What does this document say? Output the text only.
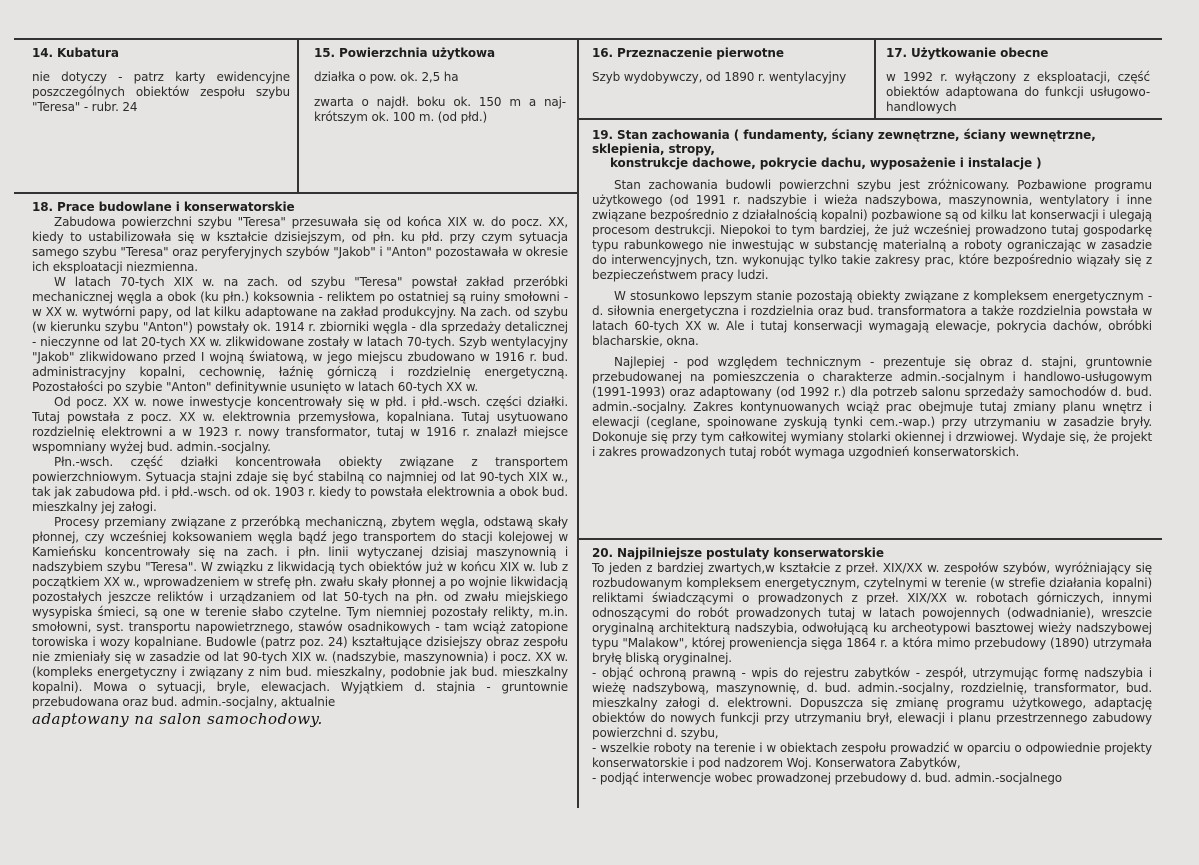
14. Kubatura
nie dotyczy - patrz karty ewidencyjne poszczególnych obiektów zespołu szybu "Teresa" - rubr. 24
15. Powierzchnia użytkowa
działka o pow. ok. 2,5 ha
zwarta o najdł. boku ok. 150 m a naj-krótszym ok. 100 m. (od płd.)
16. Przeznaczenie pierwotne
Szyb wydobywczy, od 1890 r. wentylacyjny
17. Użytkowanie obecne
w 1992 r. wyłączony z eksploatacji, część obiektów adaptowana do funkcji usługowo-handlowych
18. Prace budowlane i konserwatorskie

Zabudowa powierzchni szybu "Teresa" przesuwała się od końca XIX w. do pocz. XX, kiedy to ustabilizowała się w kształcie dzisiejszym, od płn. ku płd. przy czym sytuacja samego szybu "Teresa" oraz peryferyjnych szybów "Jakob" i "Anton" pozostawała w okresie ich eksploatacji niezmienna.

W latach 70-tych XIX w. na zach. od szybu "Teresa" powstał zakład przeróbki mechanicznej węgla a obok (ku płn.) koksownia - reliktem po ostatniej są ruiny smołowni - w XX w. wytwórni papy, od lat kilku adaptowane na zakład produkcyjny. Na zach. od szybu (w kierunku szybu "Anton") powstały ok. 1914 r. zbiorniki węgla - dla sprzedaży detalicznej - nieczynne od lat 20-tych XX w. zlikwidowane zostały w latach 70-tych. Szyb wentylacyjny "Jakob" zlikwidowano przed I wojną światową, w jego miejscu zbudowano w 1916 r. bud. administracyjny kopalni, cechownię, łaźnię górniczą i rozdzielnię energetyczną. Pozostałości po szybie "Anton" definitywnie usunięto w latach 60-tych XX w.

Od pocz. XX w. nowe inwestycje koncentrowały się w płd. i płd.-wsch. części działki. Tutaj powstała z pocz. XX w. elektrownia przemysłowa, kopalniana. Tutaj usytuowano rozdzielnię elektrowni a w 1923 r. nowy transformator, tutaj w 1916 r. znalazł miejsce wspomniany wyżej bud. admin.-socjalny.

Płn.-wsch. część działki koncentrowała obiekty związane z transportem powierzchniowym. Sytuacja stajni zdaje się być stabilną co najmniej od lat 90-tych XIX w., tak jak zabudowa płd. i płd.-wsch. od ok. 1903 r. kiedy to powstała elektrownia a obok bud. mieszkalny jej załogi.

Procesy przemiany związane z przeróbką mechaniczną, zbytem węgla, odstawą skały płonnej, czy wcześniej koksowaniem węgla bądź jego transportem do stacji kolejowej w Kamieńsku koncentrowały się na zach. i płn. linii wytyczanej dzisiaj maszynownią i nadszybiem szybu "Teresa". W związku z likwidacją tych obiektów już w końcu XIX w. lub z początkiem XX w., wprowadzeniem w strefę płn. zwału skały płonnej a po wojnie likwidacją pozostałych jeszcze reliktów i urządzaniem od lat 50-tych na płn. od zwału miejskiego wysypiska śmieci, są one w terenie słabo czytelne. Tym niemniej pozostały relikty, m.in. smołowni, syst. transportu napowietrznego, stawów osadnikowych - tam wciąż zatopione torowiska i wozy kopalniane. Budowle (patrz poz. 24) kształtujące dzisiejszy obraz zespołu nie zmieniały się w zasadzie od lat 90-tych XIX w. (nadszybie, maszynownia) i pocz. XX w. (kompleks energetyczny i związany z nim bud. mieszkalny, podobnie jak bud. mieszkalny kopalni). Mowa o sytuacji, bryle, elewacjach. Wyjątkiem d. stajnia - gruntownie przebudowana oraz bud. admin.-socjalny, aktualnie

adaptowany na salon samochodowy.
19. Stan zachowania ( fundamenty, ściany zewnętrzne, ściany wewnętrzne, sklepienia, stropy,
konstrukcje dachowe, pokrycie dachu, wyposażenie i instalacje )

Stan zachowania budowli powierzchni szybu jest zróżnicowany. Pozbawione programu użytkowego (od 1991 r. nadszybie i wieża nadszybowa, maszynownia, wentylatory i inne związane bezpośrednio z działalnością kopalni) pozbawione są od kilku lat konserwacji i ulegają procesom destrukcji. Niepokoi to tym bardziej, że już wcześniej prowadzono tutaj gospodarkę typu rabunkowego nie inwestując w substancję materialną a roboty ograniczając w zasadzie do interwencyjnych, tzn. wykonując tylko takie zakresy prac, które bezpośrednio wiązały się z bezpieczeństwem pracy ludzi.

W stosunkowo lepszym stanie pozostają obiekty związane z kompleksem energetycznym - d. siłownia energetyczna i rozdzielnia oraz bud. transformatora a także rozdzielnia powstała w latach 60-tych XX w. Ale i tutaj konserwacji wymagają elewacje, pokrycia dachów, obróbki blacharskie, okna.

Najlepiej - pod względem technicznym - prezentuje się obraz d. stajni, gruntownie przebudowanej na pomieszczenia o charakterze admin.-socjalnym i handlowo-usługowym (1991-1993) oraz adaptowany (od 1992 r.) dla potrzeb salonu sprzedaży samochodów d. bud. admin.-socjalny. Zakres kontynuowanych wciąż prac obejmuje tutaj zmiany planu wnętrz i elewacji (ceglane, spoinowane zyskują tynki cem.-wap.) przy utrzymaniu w zasadzie bryły. Dokonuje się przy tym całkowitej wymiany stolarki okiennej i drzwiowej. Wydaje się, że projekt i zakres prowadzonych tutaj robót wymaga uzgodnień konserwatorskich.

20. Najpilniejsze postulaty konserwatorskie

To jeden z bardziej zwartych,w kształcie z przeł. XIX/XX w. zespołów szybów, wyróżniający się rozbudowanym kompleksem energetycznym, czytelnymi w terenie (w strefie działania kopalni) reliktami świadczącymi o prowadzonych z przeł. XIX/XX w. robotach górniczych, innymi odnoszącymi do robót prowadzonych tutaj w latach powojennych (odwadnianie), wreszcie oryginalną architekturą nadszybia, odwołującą ku archeotypowi basztowej wieży nadszybowej typu "Malakow", której proweniencja sięga 1864 r. a która mimo przebudowy (1890) utrzymała bryłę bliską oryginalnej.

- objąć ochroną prawną - wpis do rejestru zabytków - zespół, utrzymując formę nadszybia i wieżę nadszybową, maszynownię, d. bud. admin.-socjalny, rozdzielnię, transformator, bud. mieszkalny załogi d. elektrowni. Dopuszcza się zmianę programu użytkowego, adaptację obiektów do nowych funkcji przy utrzymaniu brył, elewacji i planu przestrzennego zabudowy powierzchni d. szybu,

- wszelkie roboty na terenie i w obiektach zespołu prowadzić w oparciu o odpowiednie projekty konserwatorskie i pod nadzorem Woj. Konserwatora Zabytków,

- podjąć interwencje wobec prowadzonej przebudowy d. bud. admin.-socjalnego
